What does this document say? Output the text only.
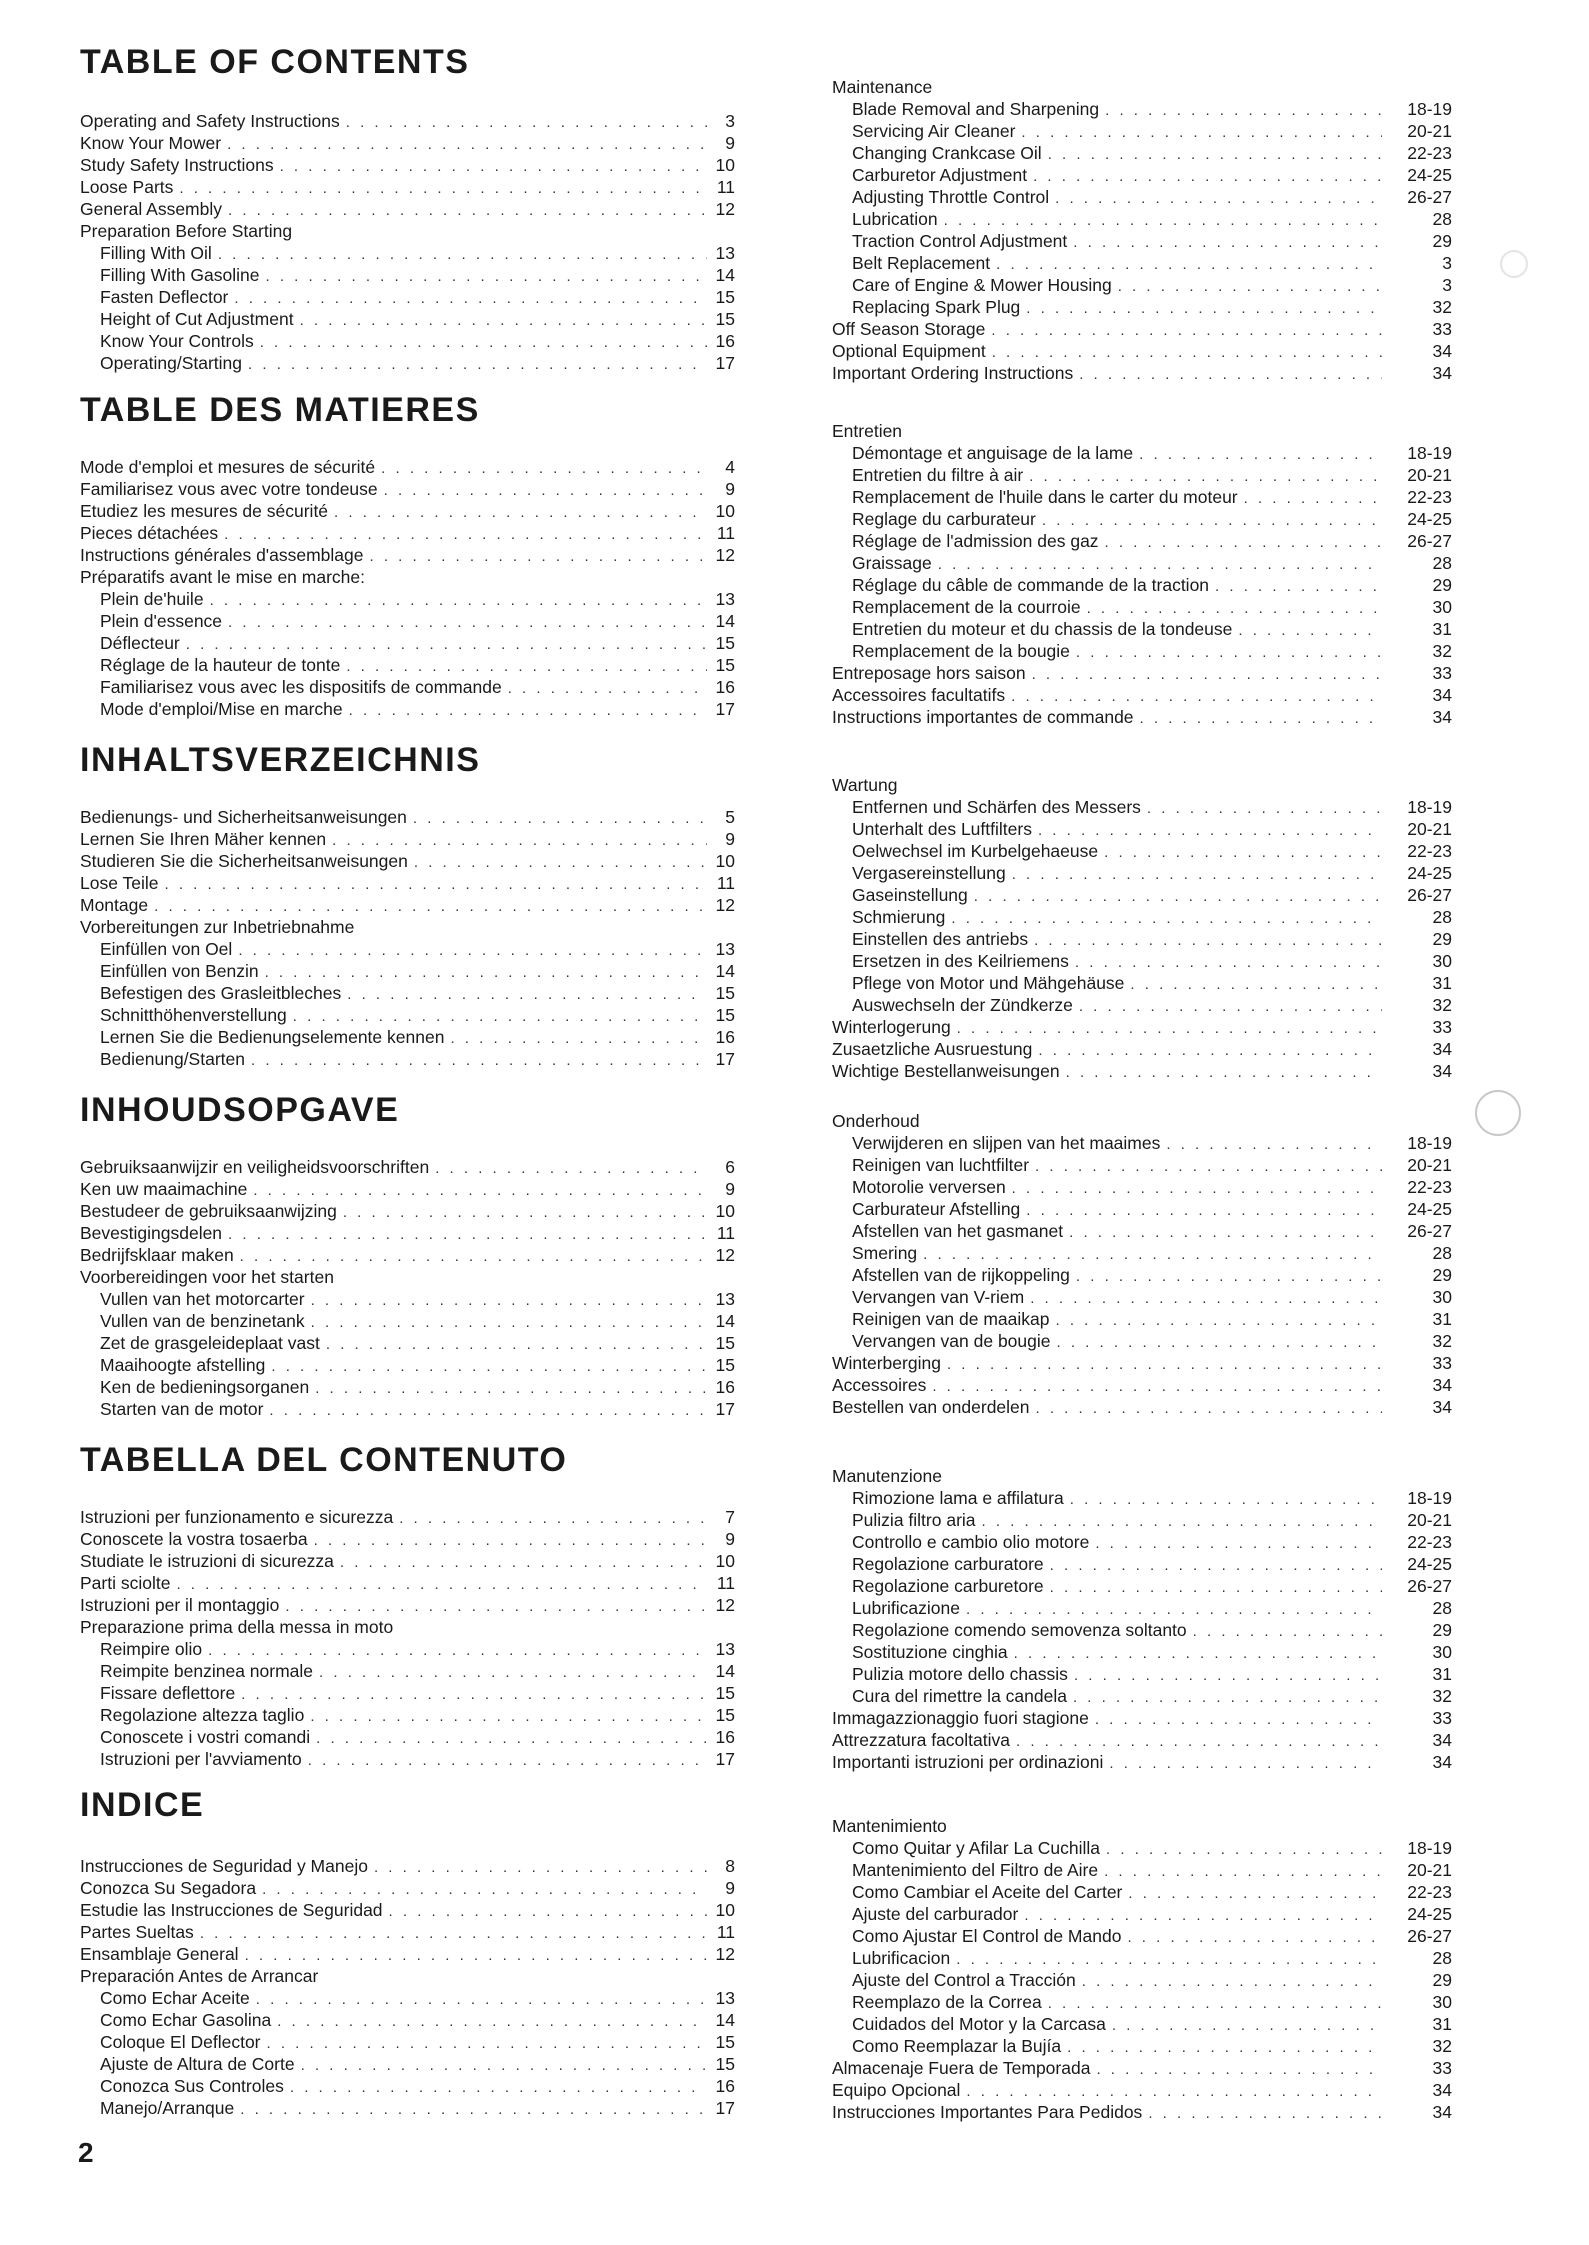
TABLE OF CONTENTS
Operating and Safety Instructions . . .	3
Know Your Mower . . .	9
Study Safety Instructions . . .	10
Loose Parts . . .	11
General Assembly . . .	12
Preparation Before Starting
Filling With Oil . . .	13
Filling With Gasoline . . .	14
Fasten Deflector . . .	15
Height of Cut Adjustment . . .	15
Know Your Controls . . .	16
Operating/Starting . . .	17
TABLE DES MATIERES
Mode d'emploi et mesures de sécurité . . .	4
Familiarisez vous avec votre tondeuse . . .	9
Etudiez les mesures de sécurité . . .	10
Pieces détachées . . .	11
Instructions générales d'assemblage . . .	12
Préparatifs avant le mise en marche:
Plein de'huile . . .	13
Plein d'essence . . .	14
Déflecteur . . .	15
Réglage de la hauteur de tonte . . .	15
Familiarisez vous avec les dispositifs de commande . . .	16
Mode d'emploi/Mise en marche . . .	17
INHALTSVERZEICHNIS
Bedienungs- und Sicherheitsanweisungen . . .	5
Lernen Sie Ihren Mäher kennen . . .	9
Studieren Sie die Sicherheitsanweisungen . . .	10
Lose Teile . . .	11
Montage . . .	12
Vorbereitungen zur Inbetriebnahme
Einfüllen von Oel . . .	13
Einfüllen von Benzin . . .	14
Befestigen des Grasleitbleches . . .	15
Schnitthöhenverstellung . . .	15
Lernen Sie die Bedienungselemente kennen . . .	16
Bedienung/Starten . . .	17
INHOUDSOPGAVE
Gebruiksaanwijzir en veiligheidsvoorschriften . . .	6
Ken uw maaimachine . . .	9
Bestudeer de gebruiksaanwijzing . . .	10
Bevestigingsdelen . . .	11
Bedrijfsklaar maken . . .	12
Voorbereidingen voor het starten
Vullen van het motorcarter . . .	13
Vullen van de benzinetank . . .	14
Zet de grasgeleideplaat vast . . .	15
Maaihoogte afstelling . . .	15
Ken de bedieningsorganen . . .	16
Starten van de motor . . .	17
TABELLA DEL CONTENUTO
Istruzioni per funzionamento e sicurezza . . .	7
Conoscete la vostra tosaerba . . .	9
Studiate le istruzioni di sicurezza . . .	10
Parti sciolte . . .	11
Istruzioni per il montaggio . . .	12
Preparazione prima della messa in moto
Reimpire olio . . .	13
Reimpite benzinea normale . . .	14
Fissare deflettore . . .	15
Regolazione altezza taglio . . .	15
Conoscete i vostri comandi . . .	16
Istruzioni per l'avviamento . . .	17
INDICE
Instrucciones de Seguridad y Manejo . . .	8
Conozca Su Segadora . . .	9
Estudie las Instrucciones de Seguridad . . .	10
Partes Sueltas . . .	11
Ensamblaje General . . .	12
Preparación Antes de Arrancar
Como Echar Aceite . . .	13
Como Echar Gasolina . . .	14
Coloque El Deflector . . .	15
Ajuste de Altura de Corte . . .	15
Conozca Sus Controles . . .	16
Manejo/Arranque . . .	17
Maintenance
Blade Removal and Sharpening . . .	18-19
Servicing Air Cleaner . . .	20-21
Changing Crankcase Oil . . .	22-23
Carburetor Adjustment . . .	24-25
Adjusting Throttle Control . . .	26-27
Lubrication . . .	28
Traction Control Adjustment . . .	29
Belt Replacement . . .	3
Care of Engine & Mower Housing . . .	3
Replacing Spark Plug . . .	32
Off Season Storage . . .	33
Optional Equipment . . .	34
Important Ordering Instructions . . .	34
Entretien
Démontage et anguisage de la lame . . .	18-19
Entretien du filtre à air . . .	20-21
Remplacement de l'huile dans le carter du moteur . . .	22-23
Reglage du carburateur . . .	24-25
Réglage de l'admission des gaz . . .	26-27
Graissage . . .	28
Réglage du câble de commande de la traction . . .	29
Remplacement de la courroie . . .	30
Entretien du moteur et du chassis de la tondeuse . . .	31
Remplacement de la bougie . . .	32
Entreposage hors saison . . .	33
Accessoires facultatifs . . .	34
Instructions importantes de commande . . .	34
Wartung
Entfernen und Schärfen des Messers . . .	18-19
Unterhalt des Luftfilters . . .	20-21
Oelwechsel im Kurbelgehaeuse . . .	22-23
Vergasereinstellung . . .	24-25
Gaseinstellung . . .	26-27
Schmierung . . .	28
Einstellen des antriebs . . .	29
Ersetzen in des Keilriemens . . .	30
Pflege von Motor und Mähgehäuse . . .	31
Auswechseln der Zündkerze . . .	32
Winterlogerung . . .	33
Zusaetzliche Ausruestung . . .	34
Wichtige Bestellanweisungen . . .	34
Onderhoud
Verwijderen en slijpen van het maaimes . . .	18-19
Reinigen van luchtfilter . . .	20-21
Motorolie verversen . . .	22-23
Carburateur Afstelling . . .	24-25
Afstellen van het gasmanet . . .	26-27
Smering . . .	28
Afstellen van de rijkoppeling . . .	29
Vervangen van V-riem . . .	30
Reinigen van de maaikap . . .	31
Vervangen van de bougie . . .	32
Winterberging . . .	33
Accessoires . . .	34
Bestellen van onderdelen . . .	34
Manutenzione
Rimozione lama e affilatura . . .	18-19
Pulizia filtro aria . . .	20-21
Controllo e cambio olio motore . . .	22-23
Regolazione carburatore . . .	24-25
Regolazione carburetore . . .	26-27
Lubrificazione . . .	28
Regolazione comendo semovenza soltanto . . .	29
Sostituzione cinghia . . .	30
Pulizia motore dello chassis . . .	31
Cura del rimettre la candela . . .	32
Immagazzionaggio fuori stagione . . .	33
Attrezzatura facoltativa . . .	34
Importanti istruzioni per ordinazioni . . .	34
Mantenimiento
Como Quitar y Afilar La Cuchilla . . .	18-19
Mantenimiento del Filtro de Aire . . .	20-21
Como Cambiar el Aceite del Carter . . .	22-23
Ajuste del carburador . . .	24-25
Como Ajustar El Control de Mando . . .	26-27
Lubrificacion . . .	28
Ajuste del Control a Tracción . . .	29
Reemplazo de la Correa . . .	30
Cuidados del Motor y la Carcasa . . .	31
Como Reemplazar la Bujía . . .	32
Almacenaje Fuera de Temporada . . .	33
Equipo Opcional . . .	34
Instrucciones Importantes Para Pedidos . . .	34
2
